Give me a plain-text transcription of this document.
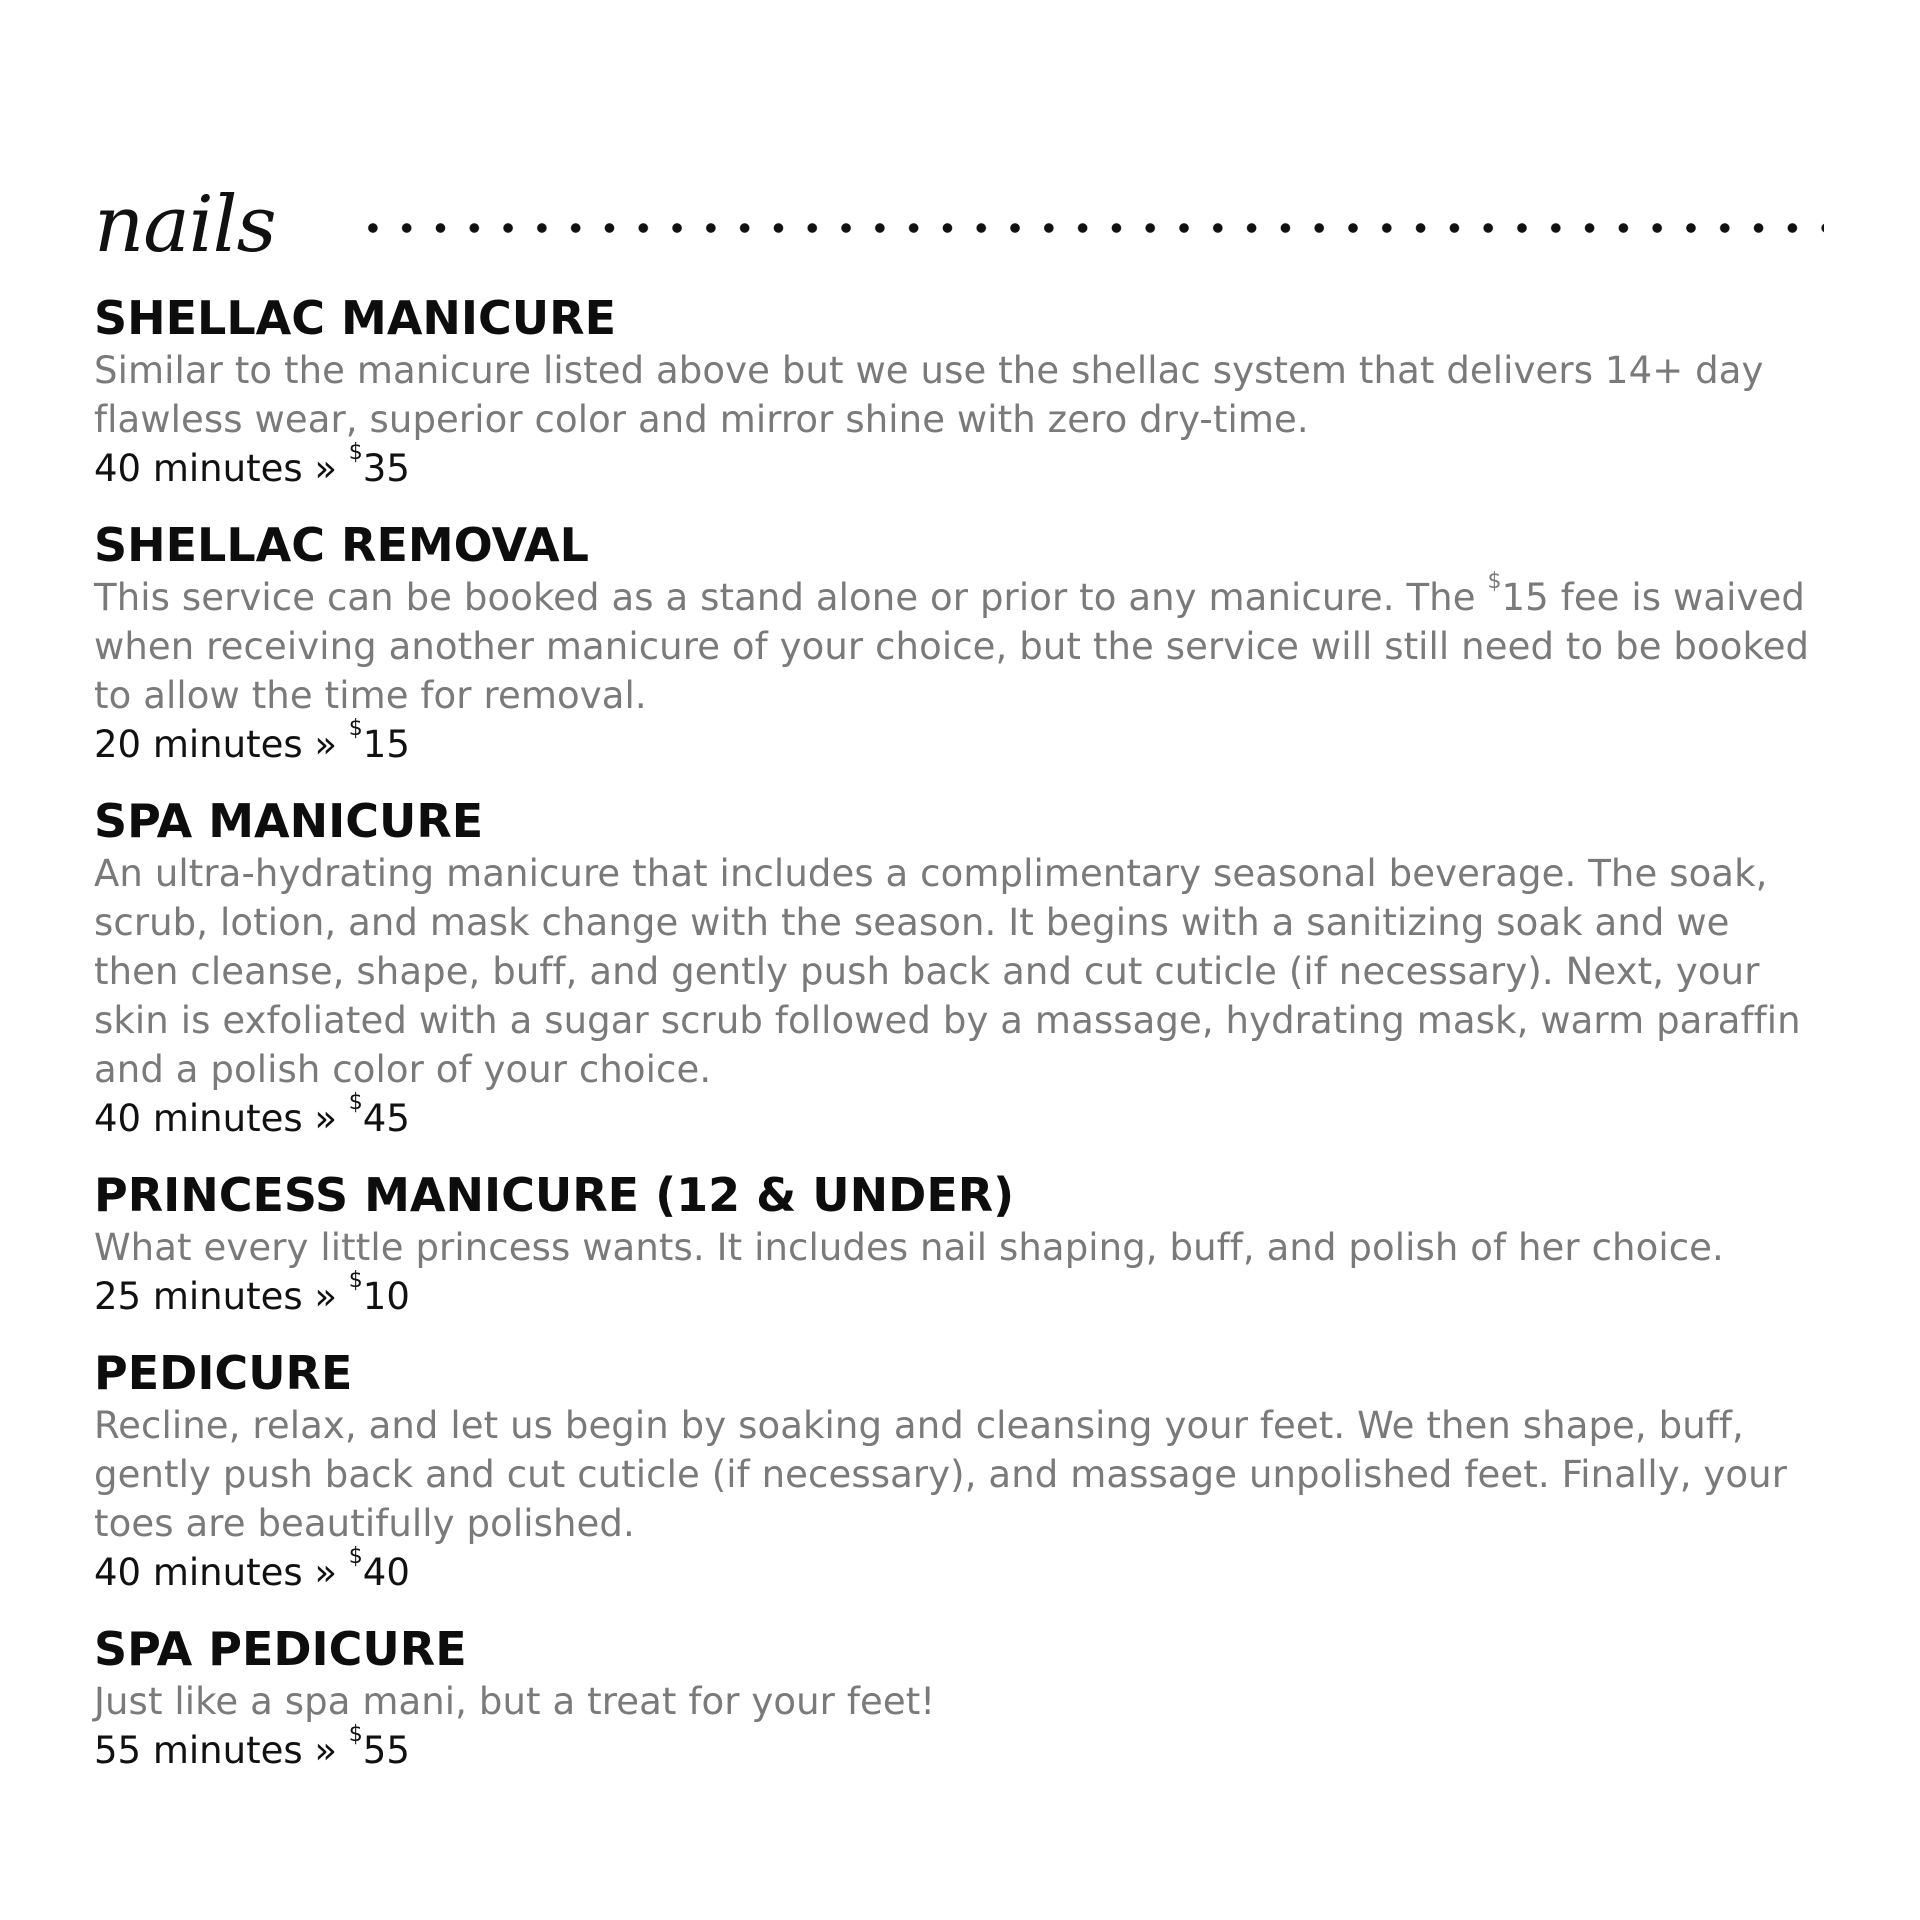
nails

SHELLAC MANICURE

Similar to the manicure listed above but we use the shellac system that delivers 14+ day flawless wear, superior color and mirror shine with zero dry-time.

40 minutes » $35

SHELLAC REMOVAL

This service can be booked as a stand alone or prior to any manicure. The $15 fee is waived when receiving another manicure of your choice, but the service will still need to be booked to allow the time for removal.

20 minutes » $15

SPA MANICURE

An ultra-hydrating manicure that includes a complimentary seasonal beverage. The soak, scrub, lotion, and mask change with the season. It begins with a sanitizing soak and we then cleanse, shape, buff, and gently push back and cut cuticle (if necessary). Next, your skin is exfoliated with a sugar scrub followed by a massage, hydrating mask, warm paraffin and a polish color of your choice.

40 minutes » $45

PRINCESS MANICURE (12 & UNDER)

What every little princess wants. It includes nail shaping, buff, and polish of her choice.

25 minutes » $10

PEDICURE

Recline, relax, and let us begin by soaking and cleansing your feet. We then shape, buff, gently push back and cut cuticle (if necessary), and massage unpolished feet. Finally, your toes are beautifully polished.

40 minutes » $40

SPA PEDICURE

Just like a spa mani, but a treat for your feet!

55 minutes » $55
